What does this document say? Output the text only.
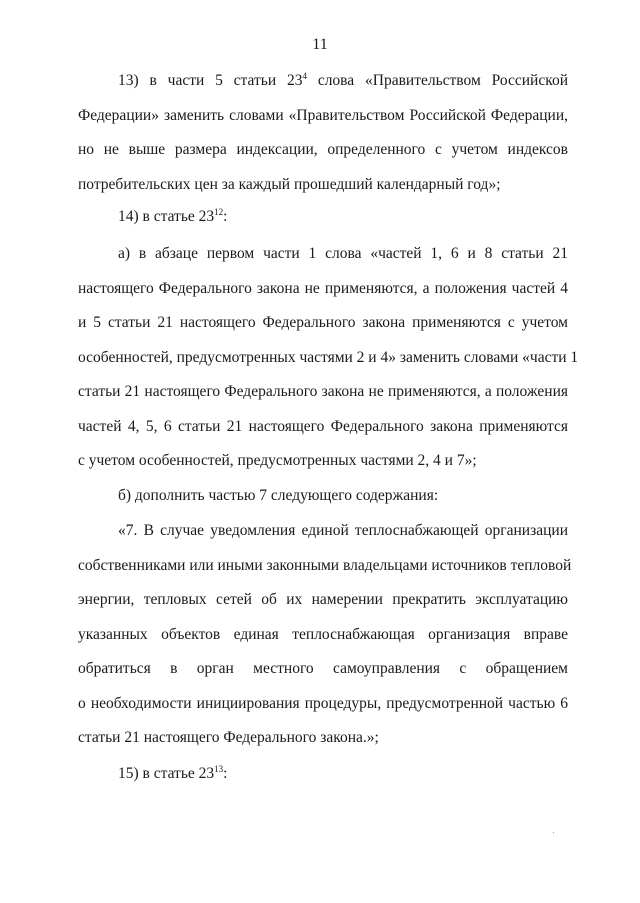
11
13) в части 5 статьи $23^4$ слова «Правительством Российской
Федерации» заменить словами «Правительством Российской Федерации,
но не выше размера индексации, определенного с учетом индексов
потребительских цен за каждый прошедший календарный год»;
14) в статье $23^{12}$:
а) в абзаце первом части 1 слова «частей 1, 6 и 8 статьи 21
настоящего Федерального закона не применяются, а положения частей 4
и 5 статьи 21 настоящего Федерального закона применяются с учетом
особенностей, предусмотренных частями 2 и 4» заменить словами «части 1
статьи 21 настоящего Федерального закона не применяются, а положения
частей 4, 5, 6 статьи 21 настоящего Федерального закона применяются
с учетом особенностей, предусмотренных частями 2, 4 и 7»;
б) дополнить частью 7 следующего содержания:
«7. В случае уведомления единой теплоснабжающей организации
собственниками или иными законными владельцами источников тепловой
энергии, тепловых сетей об их намерении прекратить эксплуатацию
указанных объектов единая теплоснабжающая организация вправе
обратиться в орган местного самоуправления с обращением
о необходимости инициирования процедуры, предусмотренной частью 6
статьи 21 настоящего Федерального закона.»;
15) в статье $23^{13}$:
